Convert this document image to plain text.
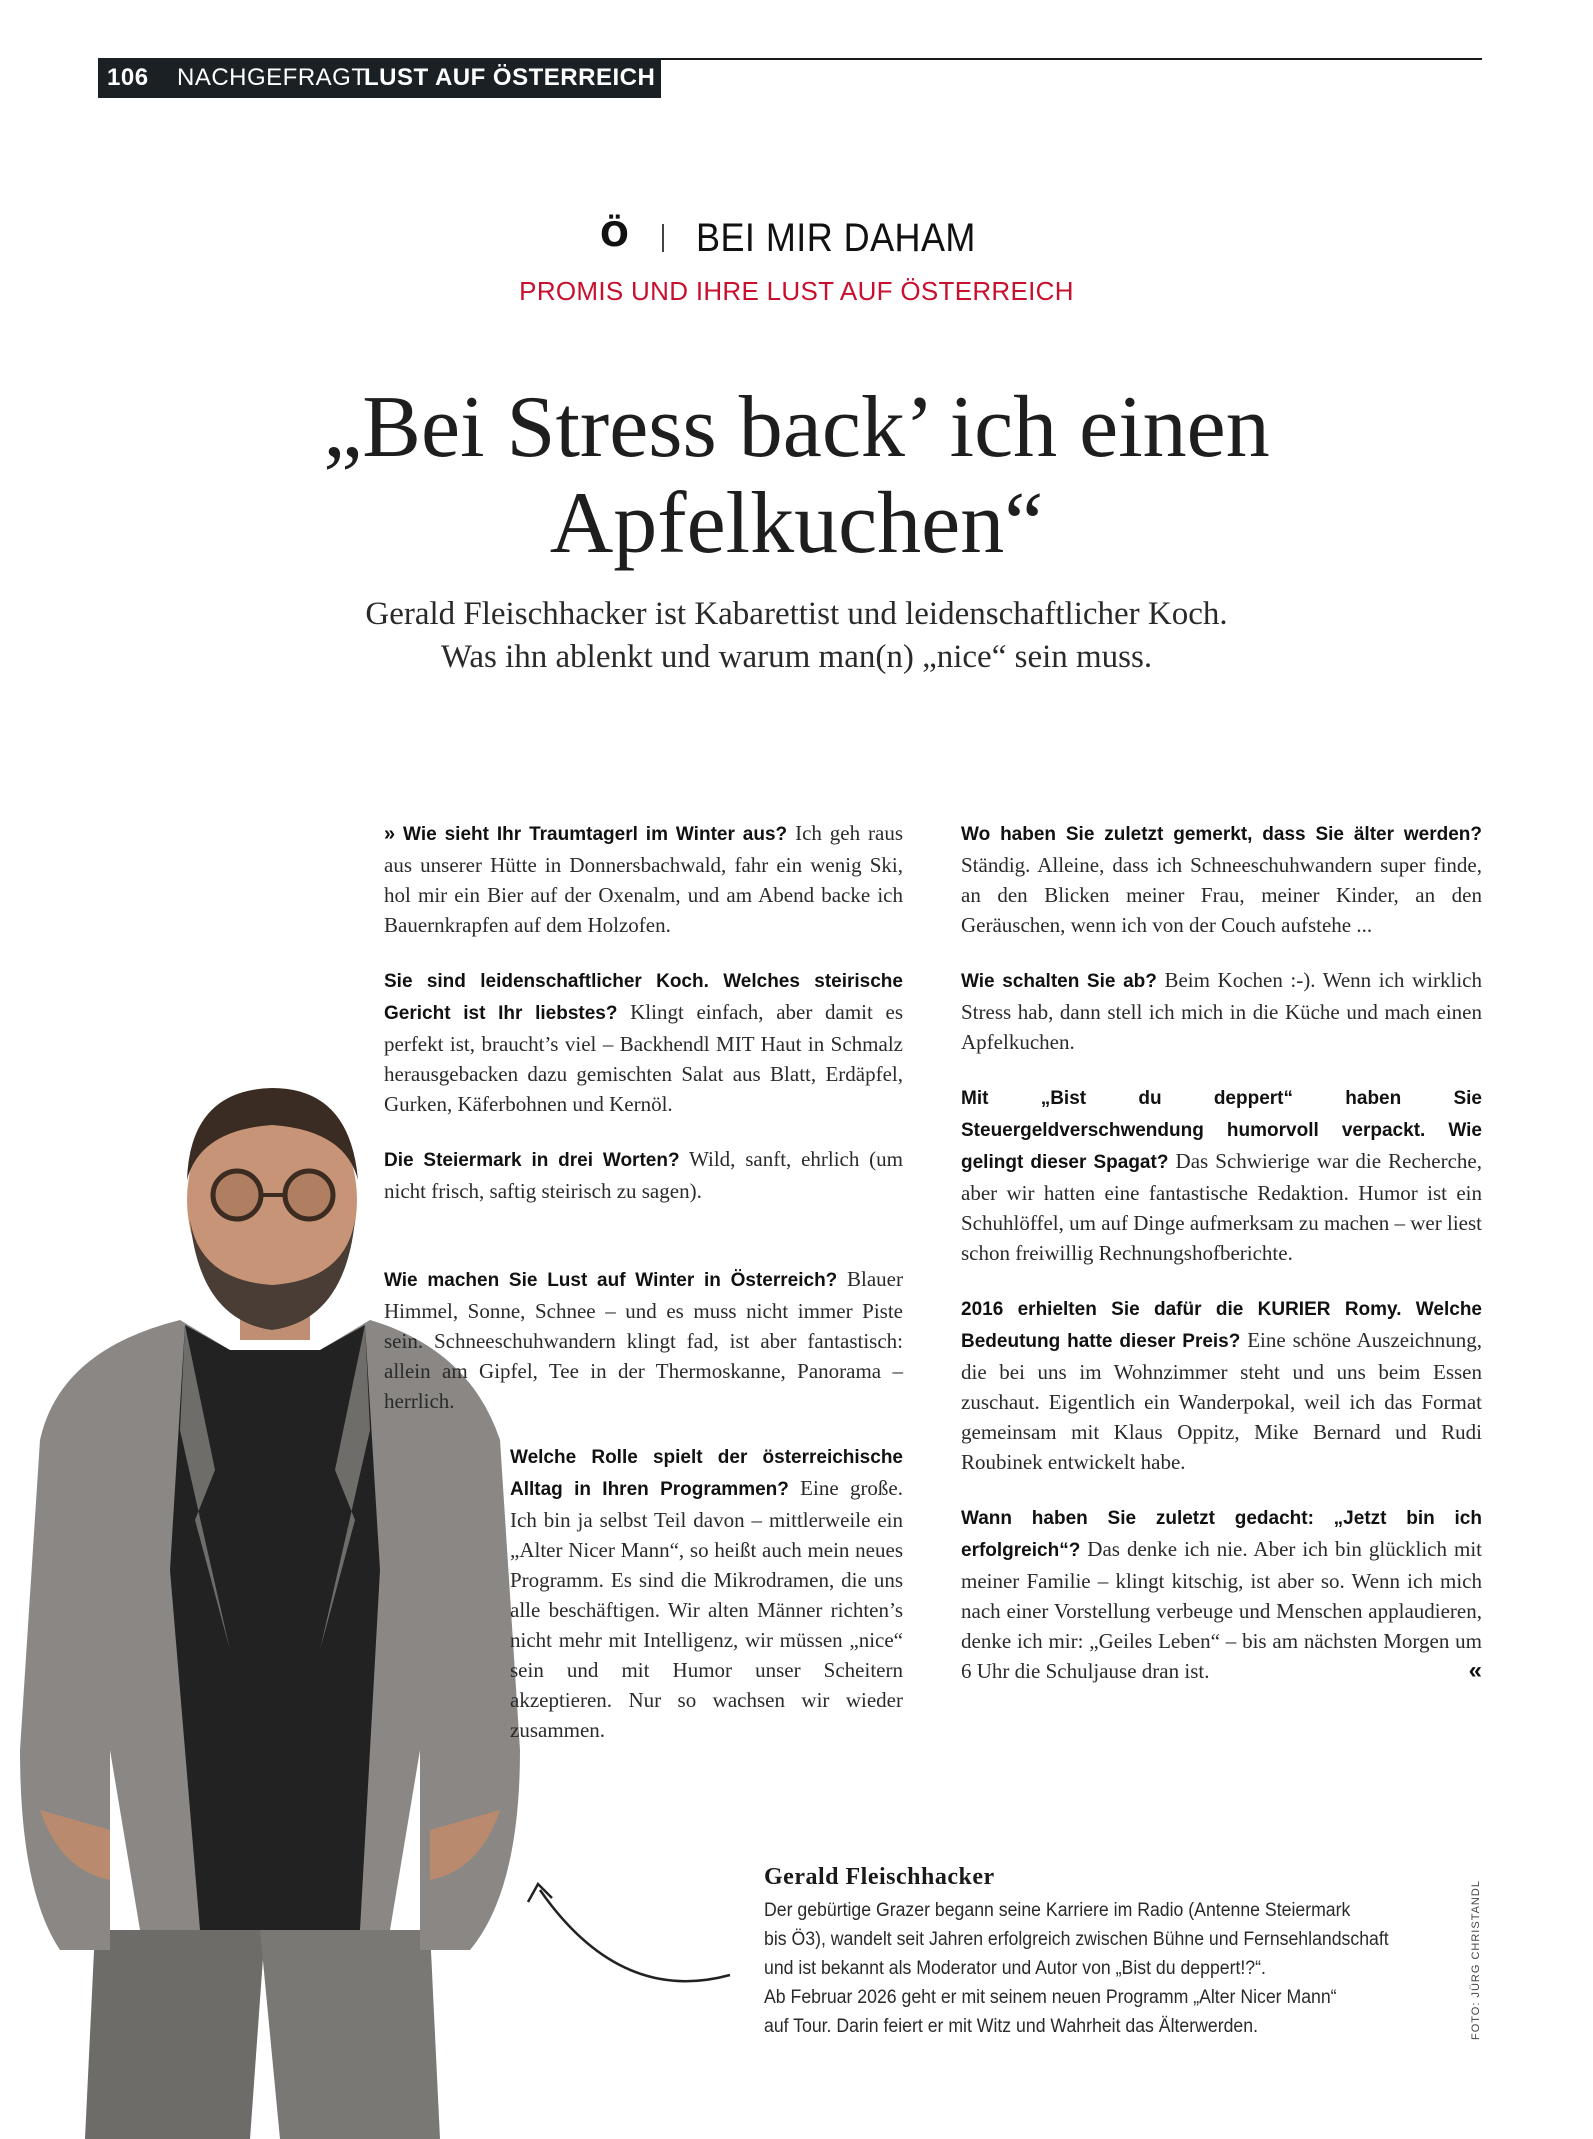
106 NACHGEFRAGT
LUST AUF ÖSTERREICH
Ö BEI MIR DAHAM
PROMIS UND IHRE LUST AUF ÖSTERREICH
„Bei Stress back’ ich einen
Apfelkuchen“
Gerald Fleischhacker ist Kabarettist und leidenschaftlicher Koch.
Was ihn ablenkt und warum man(n) „nice“ sein muss.

» Wie sieht Ihr Traumtagerl im Winter aus? Ich geh raus aus unserer Hütte in Donnersbachwald, fahr ein wenig Ski, hol mir ein Bier auf der Oxenalm, und am Abend backe ich Bauernkrapfen auf dem Holzofen.

Sie sind leidenschaftlicher Koch. Welches steirische Gericht ist Ihr liebstes? Klingt einfach, aber damit es perfekt ist, braucht’s viel – Backhendl MIT Haut in Schmalz herausgebacken dazu gemischten Salat aus Blatt, Erdäpfel, Gurken, Käferbohnen und Kernöl.

Die Steiermark in drei Worten? Wild, sanft, ehrlich (um nicht frisch, saftig steirisch zu sagen).

Wie machen Sie Lust auf Winter in Österreich? Blauer Himmel, Sonne, Schnee – und es muss nicht immer Piste sein. Schneeschuhwandern klingt fad, ist aber fantastisch: allein am Gipfel, Tee in der Thermoskanne, Panorama – herrlich.

Welche Rolle spielt der österreichische Alltag in Ihren Programmen? Eine große. Ich bin ja selbst Teil davon – mittlerweile ein „Alter Nicer Mann“, so heißt auch mein neues Programm. Es sind die Mikrodramen, die uns alle beschäftigen. Wir alten Männer richten’s nicht mehr mit Intelligenz, wir müssen „nice“ sein und mit Humor unser Scheitern akzeptieren. Nur so wachsen wir wieder zusammen.

Wo haben Sie zuletzt gemerkt, dass Sie älter werden? Ständig. Alleine, dass ich Schneeschuhwandern super finde, an den Blicken meiner Frau, meiner Kinder, an den Geräuschen, wenn ich von der Couch aufstehe ...

Wie schalten Sie ab? Beim Kochen :-). Wenn ich wirklich Stress hab, dann stell ich mich in die Küche und mach einen Apfelkuchen.

Mit „Bist du deppert“ haben Sie Steuergeldverschwendung humorvoll verpackt. Wie gelingt dieser Spagat? Das Schwierige war die Recherche, aber wir hatten eine fantastische Redaktion. Humor ist ein Schuhlöffel, um auf Dinge aufmerksam zu machen – wer liest schon freiwillig Rechnungshofberichte.

2016 erhielten Sie dafür die KURIER Romy. Welche Bedeutung hatte dieser Preis? Eine schöne Auszeichnung, die bei uns im Wohnzimmer steht und uns beim Essen zuschaut. Eigentlich ein Wanderpokal, weil ich das Format gemeinsam mit Klaus Oppitz, Mike Bernard und Rudi Roubinek entwickelt habe.

Wann haben Sie zuletzt gedacht: „Jetzt bin ich erfolgreich“? Das denke ich nie. Aber ich bin glücklich mit meiner Familie – klingt kitschig, ist aber so. Wenn ich mich nach einer Vorstellung verbeuge und Menschen applaudieren, denke ich mir: „Geiles Leben“ – bis am nächsten Morgen um 6 Uhr die Schuljause dran ist.	«

Gerald Fleischhacker
Der gebürtige Grazer begann seine Karriere im Radio (Antenne Steiermark
bis Ö3), wandelt seit Jahren erfolgreich zwischen Bühne und Fernsehlandschaft
und ist bekannt als Moderator und Autor von „Bist du deppert!?“.
Ab Februar 2026 geht er mit seinem neuen Programm „Alter Nicer Mann“
auf Tour. Darin feiert er mit Witz und Wahrheit das Älterwerden.	FOTO: JÜRG CHRISTANDL
